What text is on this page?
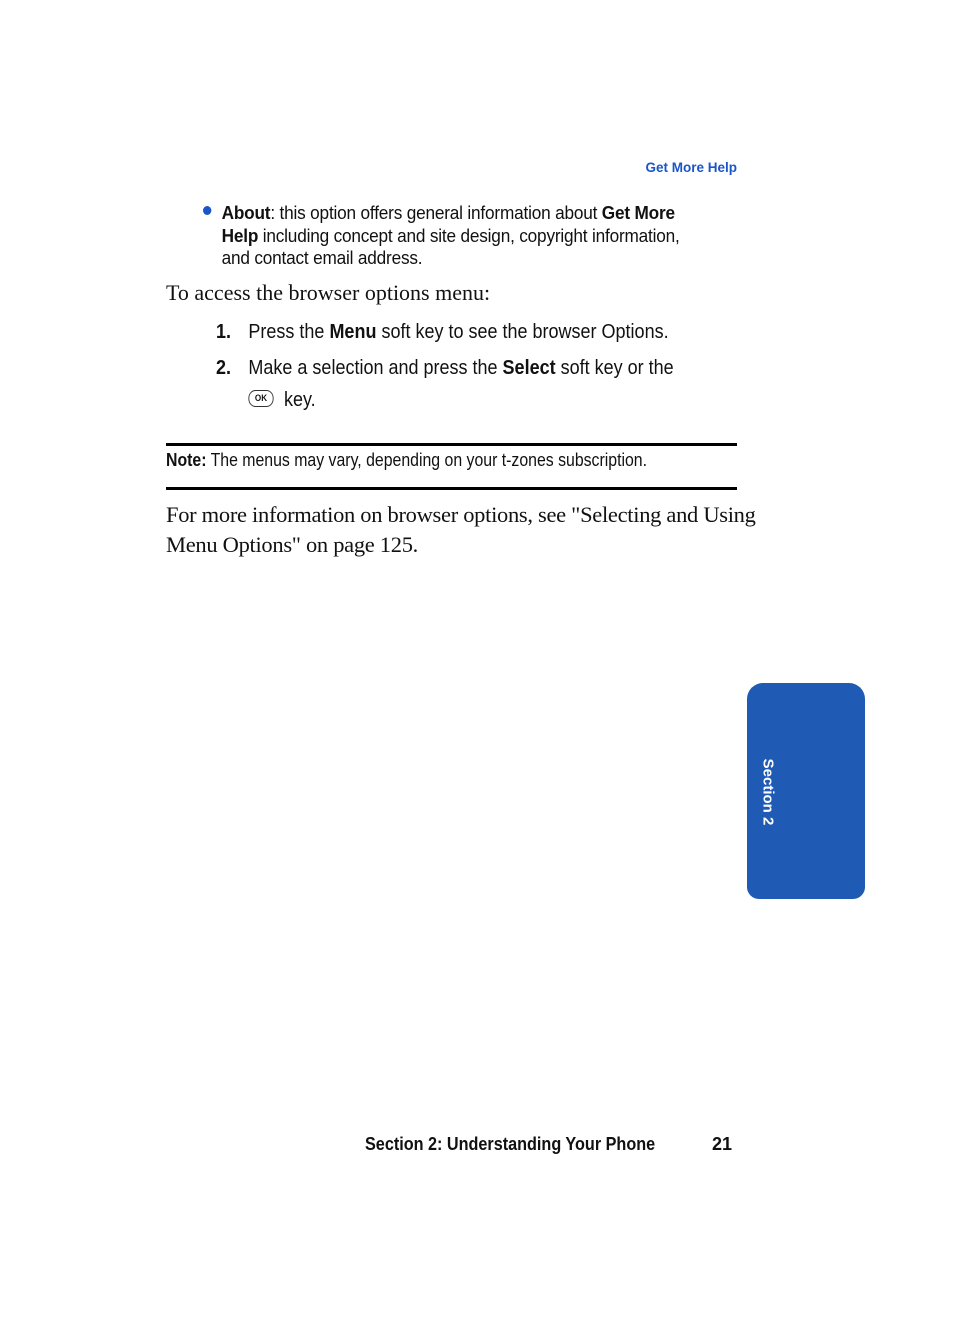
Get More Help
About: this option offers general information about Get More
Help including concept and site design, copyright information, and contact email address.
To access the browser options menu:
1. Press the Menu soft key to see the browser Options.
2. Make a selection and press the Select soft key or the
OK key.
Note: The menus may vary, depending on your t-zones subscription.
For more information on browser options, see "Selecting and Using Menu Options" on page 125.
Section 2
Section 2: Understanding Your Phone	21
